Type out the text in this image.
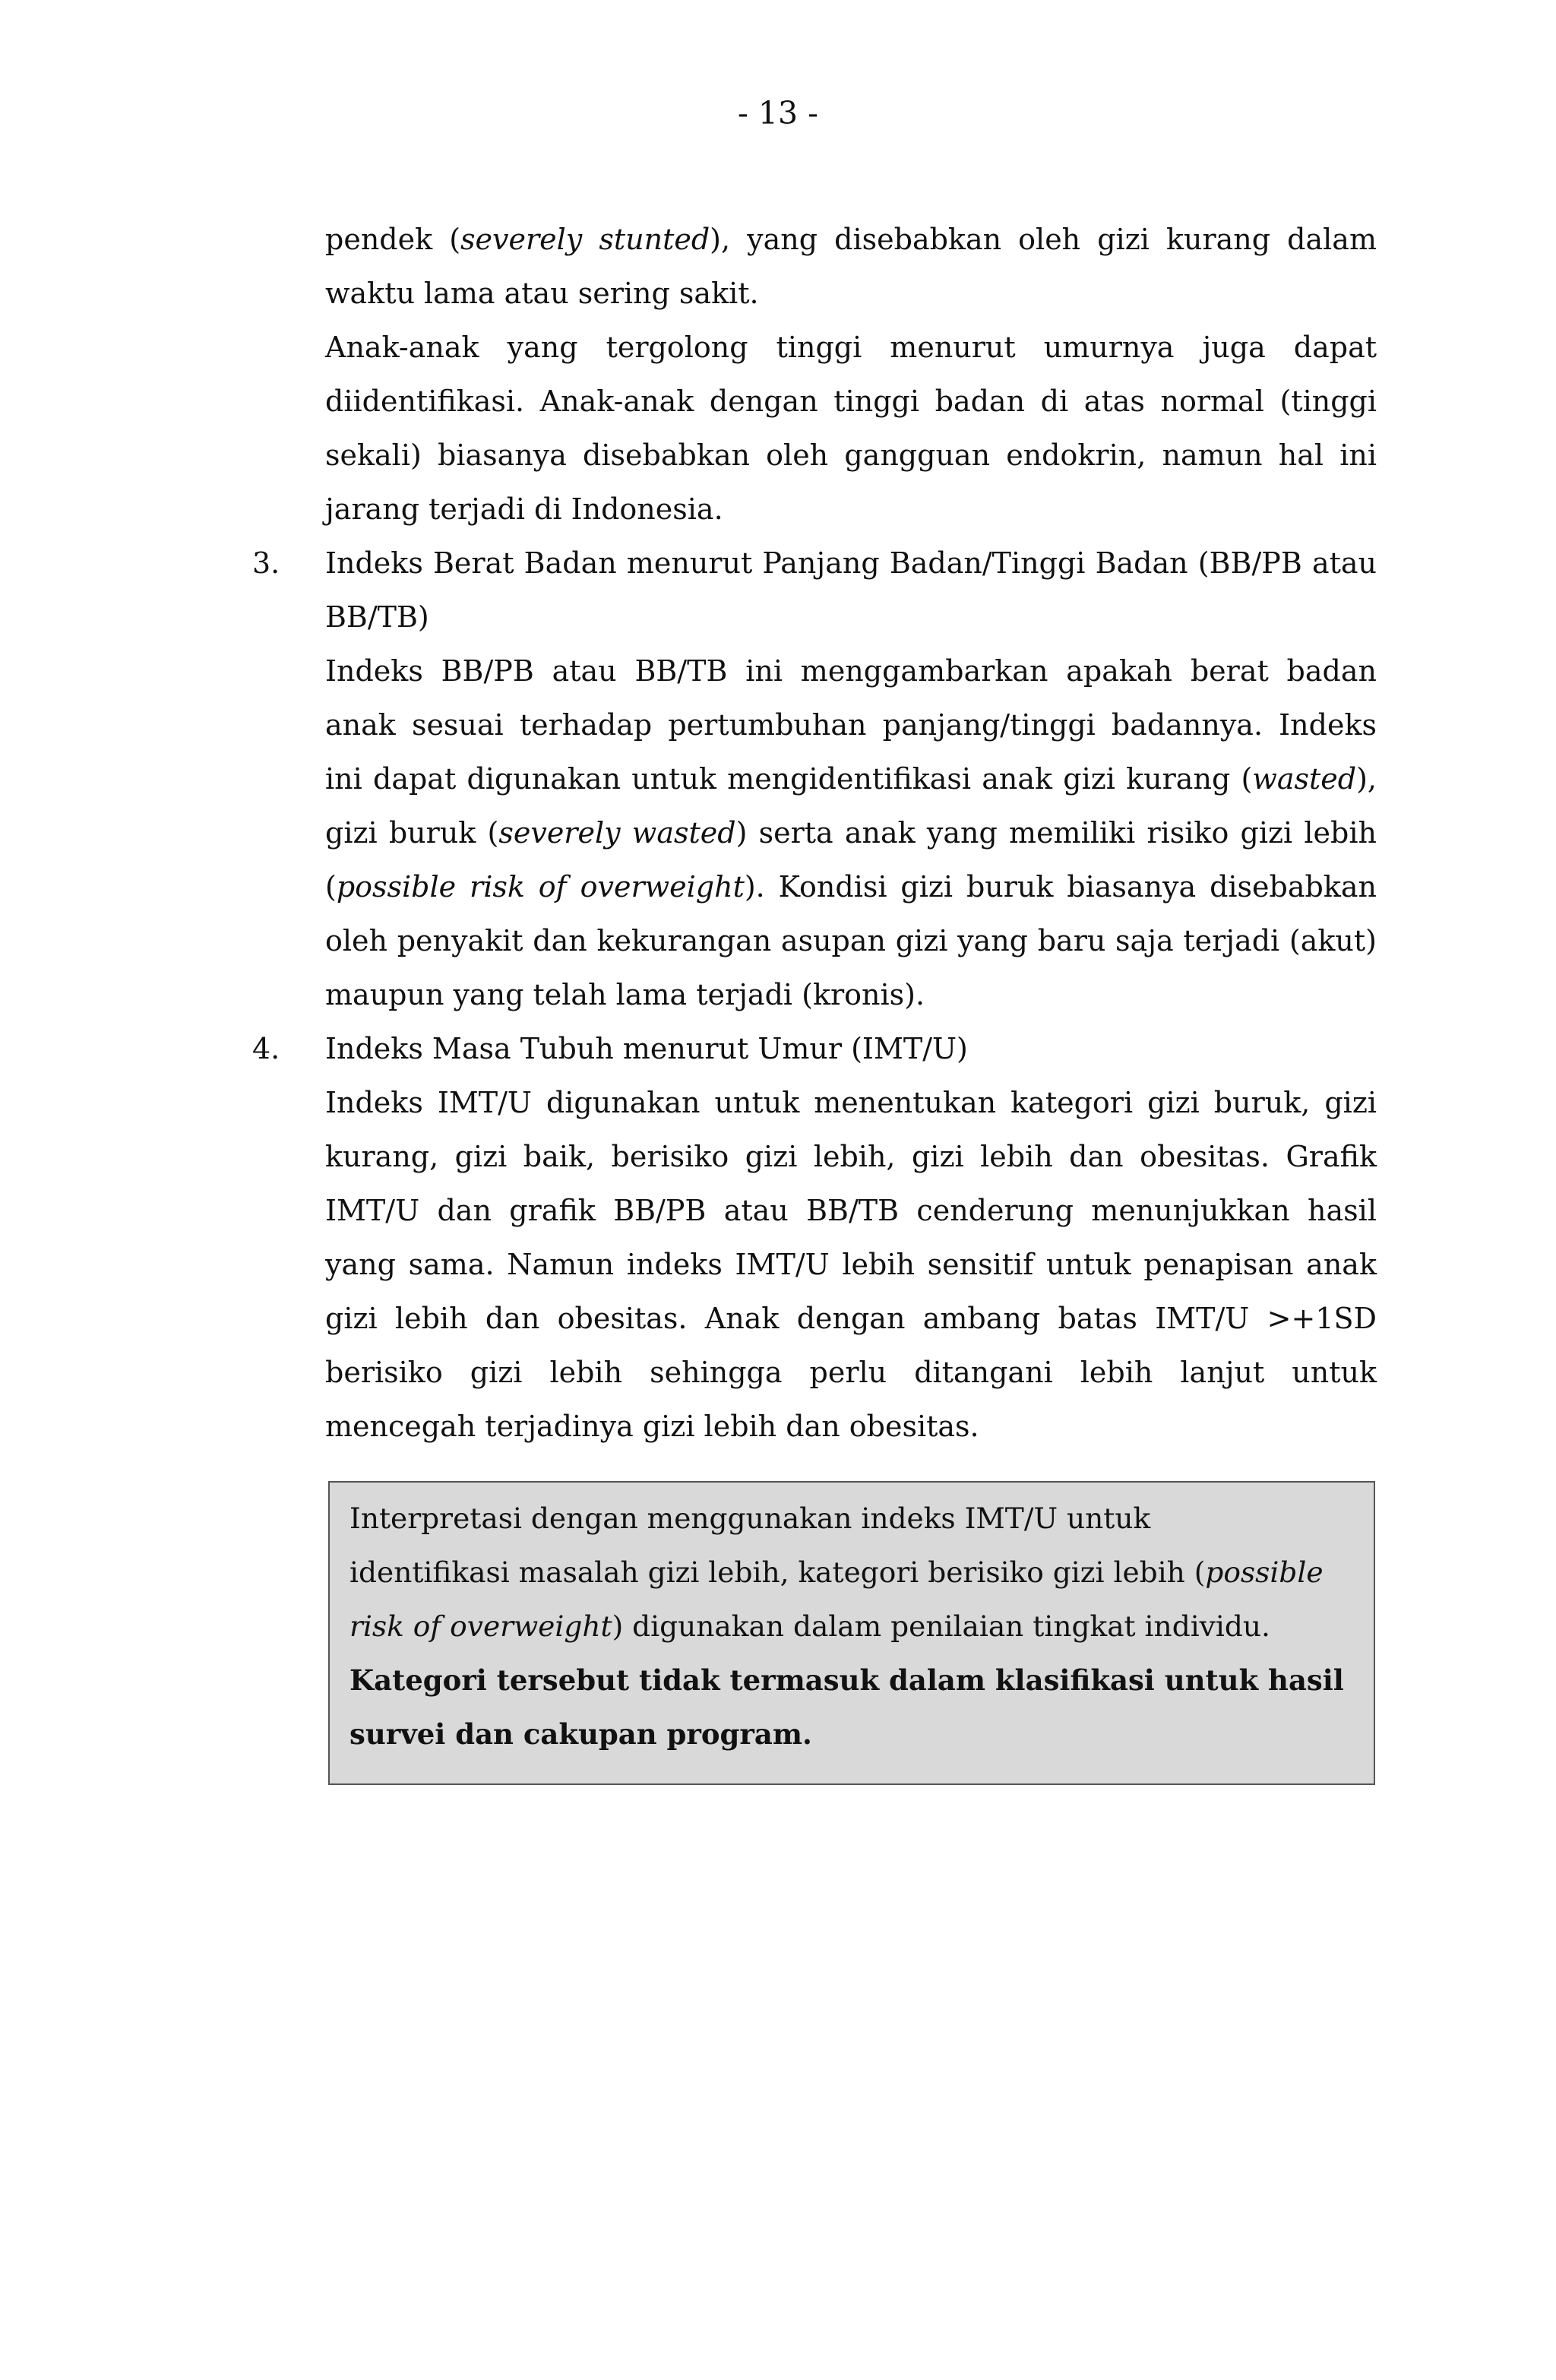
- 13 -

pendek (severely stunted), yang disebabkan oleh gizi kurang dalam waktu lama atau sering sakit.

Anak-anak yang tergolong tinggi menurut umurnya juga dapat diidentifikasi. Anak-anak dengan tinggi badan di atas normal (tinggi sekali) biasanya disebabkan oleh gangguan endokrin, namun hal ini jarang terjadi di Indonesia.

3. Indeks Berat Badan menurut Panjang Badan/Tinggi Badan (BB/PB atau BB/TB)

Indeks BB/PB atau BB/TB ini menggambarkan apakah berat badan anak sesuai terhadap pertumbuhan panjang/tinggi badannya. Indeks ini dapat digunakan untuk mengidentifikasi anak gizi kurang (wasted), gizi buruk (severely wasted) serta anak yang memiliki risiko gizi lebih (possible risk of overweight). Kondisi gizi buruk biasanya disebabkan oleh penyakit dan kekurangan asupan gizi yang baru saja terjadi (akut) maupun yang telah lama terjadi (kronis).

4. Indeks Masa Tubuh menurut Umur (IMT/U)

Indeks IMT/U digunakan untuk menentukan kategori gizi buruk, gizi kurang, gizi baik, berisiko gizi lebih, gizi lebih dan obesitas. Grafik IMT/U dan grafik BB/PB atau BB/TB cenderung menunjukkan hasil yang sama. Namun indeks IMT/U lebih sensitif untuk penapisan anak gizi lebih dan obesitas. Anak dengan ambang batas IMT/U >+1SD berisiko gizi lebih sehingga perlu ditangani lebih lanjut untuk mencegah terjadinya gizi lebih dan obesitas.

Interpretasi dengan menggunakan indeks IMT/U untuk

identifikasi masalah gizi lebih, kategori berisiko gizi lebih (possible

risk of overweight) digunakan dalam penilaian tingkat individu.

Kategori tersebut tidak termasuk dalam klasifikasi untuk hasil

survei dan cakupan program.
